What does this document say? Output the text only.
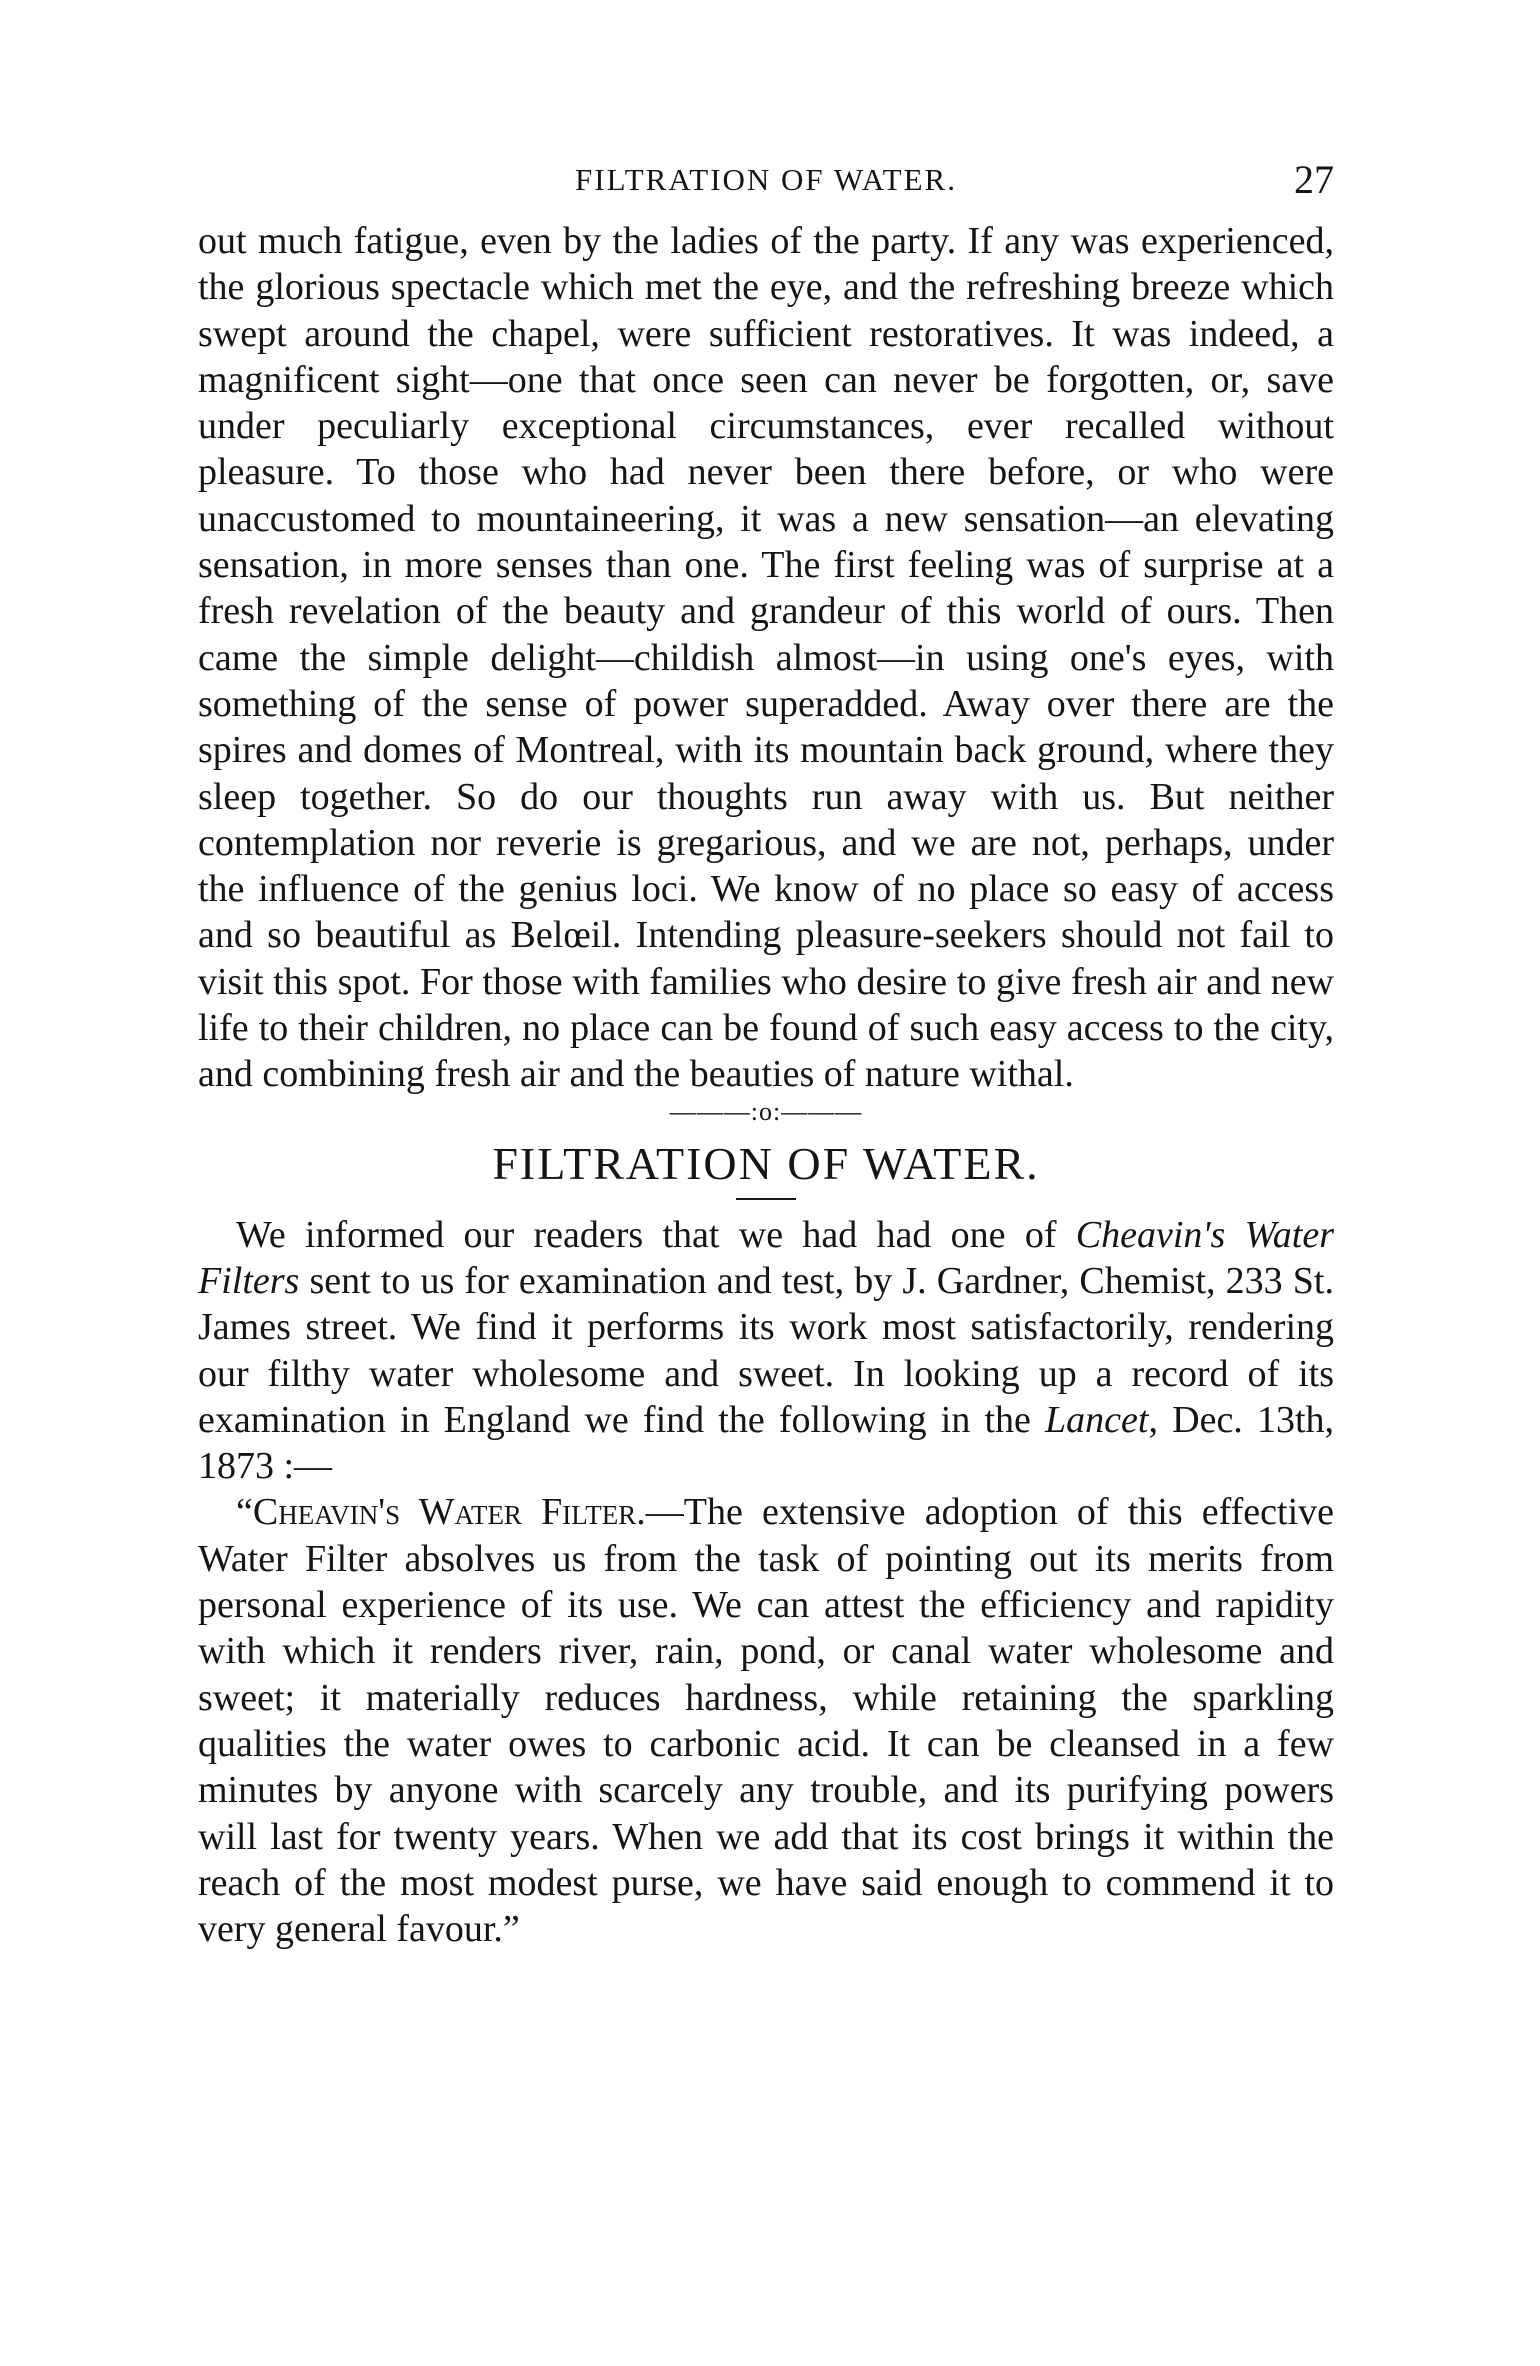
FILTRATION OF WATER.	27

out much fatigue, even by the ladies of the party. If any was experienced, the glorious spectacle which met the eye, and the refreshing breeze which swept around the chapel, were sufficient restoratives. It was indeed, a magnificent sight—one that once seen can never be forgotten, or, save under peculiarly exceptional circumstances, ever recalled without pleasure. To those who had never been there before, or who were unaccustomed to mountaineering, it was a new sensation—an elevating sensation, in more senses than one. The first feeling was of surprise at a fresh revelation of the beauty and grandeur of this world of ours. Then came the simple delight—childish almost—in using one's eyes, with something of the sense of power superadded. Away over there are the spires and domes of Montreal, with its mountain back ground, where they sleep together. So do our thoughts run away with us. But neither contemplation nor reverie is gregarious, and we are not, perhaps, under the influence of the genius loci. We know of no place so easy of access and so beautiful as Belœil. Intending pleasure-seekers should not fail to visit this spot. For those with families who desire to give fresh air and new life to their children, no place can be found of such easy access to the city, and combining fresh air and the beauties of nature withal.

———:o:———

FILTRATION OF WATER.

We informed our readers that we had had one of Cheavin's Water Filters sent to us for examination and test, by J. Gardner, Chemist, 233 St. James street. We find it performs its work most satisfactorily, rendering our filthy water wholesome and sweet. In looking up a record of its examination in England we find the following in the Lancet, Dec. 13th, 1873 :—

“Cheavin's Water Filter.—The extensive adoption of this effective Water Filter absolves us from the task of pointing out its merits from personal experience of its use. We can attest the efficiency and rapidity with which it renders river, rain, pond, or canal water wholesome and sweet; it materially reduces hardness, while retaining the sparkling qualities the water owes to carbonic acid. It can be cleansed in a few minutes by anyone with scarcely any trouble, and its purifying powers will last for twenty years. When we add that its cost brings it within the reach of the most modest purse, we have said enough to commend it to very general favour.”
